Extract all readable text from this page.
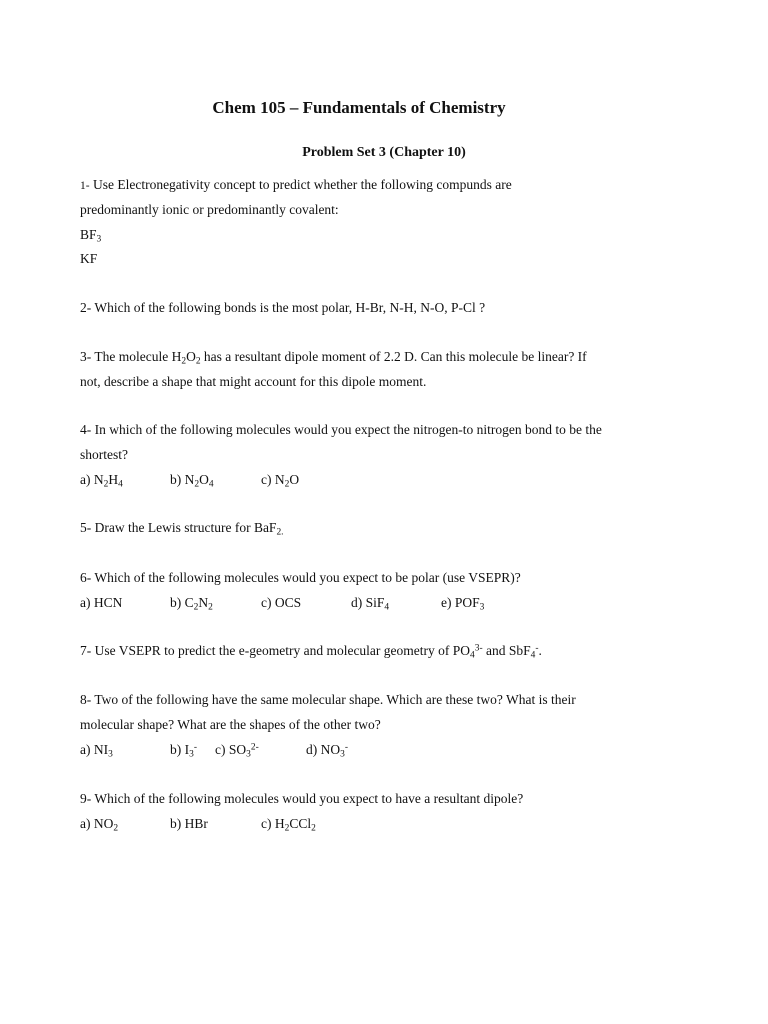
Chem 105 – Fundamentals of Chemistry
Problem Set 3 (Chapter 10)
1- Use Electronegativity concept to predict whether the following compunds are
predominantly ionic or predominantly covalent:
$BF_3$
KF
2- Which of the following bonds is the most polar, H-Br, N-H, N-O, P-Cl ?
3- The molecule $H_2O_2$ has a resultant dipole moment of 2.2 D. Can this molecule be linear? If
not, describe a shape that might account for this dipole moment.
4- In which of the following molecules would you expect the nitrogen-to nitrogen bond to be the
shortest?
a) $N_2H_4$	b) $N_2O_4$	c) $N_2O$
5- Draw the Lewis structure for BaF$_{2.}$
6- Which of the following molecules would you expect to be polar (use VSEPR)?
a) HCN	b) $C_2N_2$	c) OCS	d) SiF$_4$	e) $POF_3$
7- Use VSEPR to predict the e-geometry and molecular geometry of $PO_4^{3-}$ and SbF$_4$-.
8- Two of the following have the same molecular shape. Which are these two? What is their
molecular shape? What are the shapes of the other two?
a) $NI_3$	b) $I_3^-$ c) $SO_3^{2-}$	d) $NO_3^-$
9- Which of the following molecules would you expect to have a resultant dipole?
a) $NO_2$	b) HBr	c) $H_2CCl_2$
